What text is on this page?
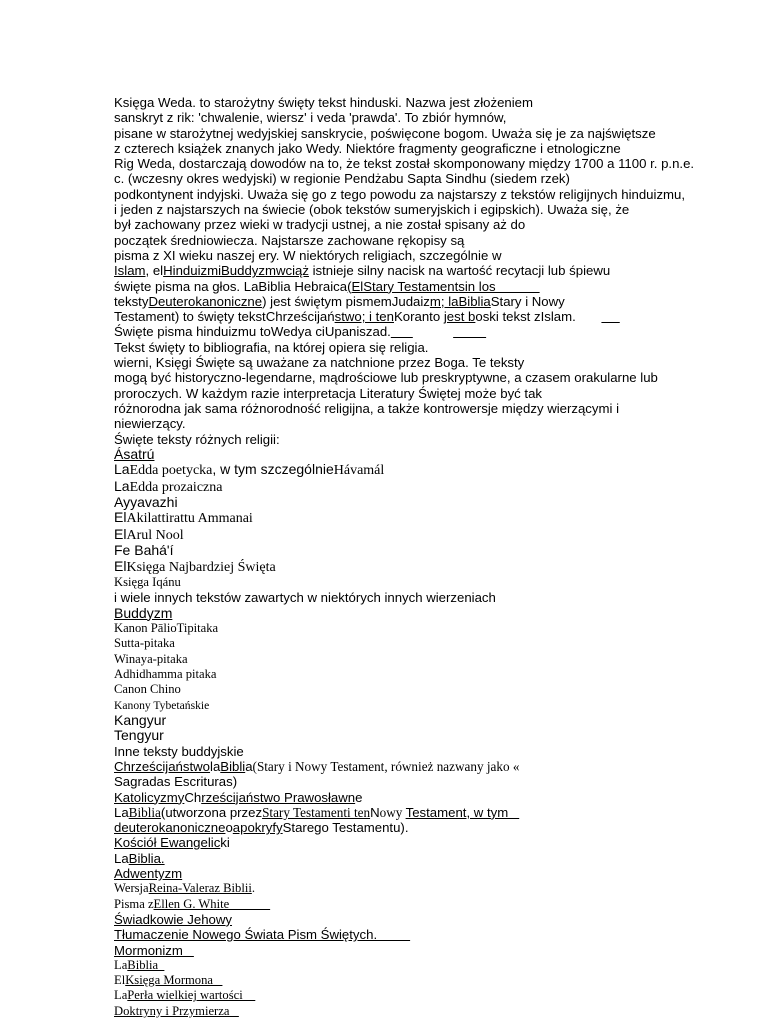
Księga Weda. to starożytny święty tekst hinduski. Nazwa jest złożeniem
sanskryt z rik: 'chwalenie, wiersz' i veda 'prawda'. To zbiór hymnów,
pisane w starożytnej wedyjskiej sanskrycie, poświęcone bogom. Uważa się je za najświętsze
z czterech książek znanych jako Wedy. Niektóre fragmenty geograficzne i etnologiczne
Rig Weda, dostarczają dowodów na to, że tekst został skomponowany między 1700 a 1100 r. p.n.e.
c. (wczesny okres wedyjski) w regionie Pendżabu Sapta Sindhu (siedem rzek)
podkontynent indyjski. Uważa się go z tego powodu za najstarszy z tekstów religijnych hinduizmu,
i jeden z najstarszych na świecie (obok tekstów sumeryjskich i egipskich). Uważa się, że
był zachowany przez wieki w tradycji ustnej, a nie został spisany aż do
początek średniowiecza. Najstarsze zachowane rękopisy są
pisma z XI wieku naszej ery. W niektórych religiach, szczególnie w
Islam, elHinduizmiBuddyzmwciąż istnieje silny nacisk na wartość recytacji lub śpiewu
święte pisma na głos. LaBiblia Hebraica(ElStary Testamentsin los
tekstyDeuterokanoniczne) jest świętym pismemJudaizm; laBibliaStary i Nowy
Testament) to święty tekstChrześcijaństwo; i tenKoranto jest boski tekst zIslam.
Święte pisma hinduizmu toWedya ciUpaniszad.
Tekst święty to bibliografia, na której opiera się religia.
wierni, Księgi Święte są uważane za natchnione przez Boga. Te teksty
mogą być historyczno-legendarne, mądrościowe lub preskryptywne, a czasem orakularne lub
proroczych. W każdym razie interpretacja Literatury Świętej może być tak
różnorodna jak sama różnorodność religijna, a także kontrowersje między wierzącymi i
niewierzący.
Święte teksty różnych religii:
Ásatrú
LaEdda poetycka, w tym szczególnieHávamál
LaEdda prozaiczna
Ayyavazhi
ElAkilattirattu Ammanai
ElArul Nool
Fe Bahá'í
ElKsięga Najbardziej Święta
Księga Iqánu
i wiele innych tekstów zawartych w niektórych innych wierzeniach
Buddyzm
Kanon PālioTipitaka
Sutta-pitaka
Winaya-pitaka
Adhidhamma pitaka
Canon Chino
Kanony Tybetańskie
Kangyur
Tengyur
Inne teksty buddyjskie
ChrześcijaństwolaBiblia(Stary i Nowy Testament, również nazwany jako «
Sagradas Escrituras)
KatolicyzmyChrześcijaństwo Prawosławne
LaBiblia(utworzona przezStary Testamenti tenNowy Testament, w tym
deuterokanoniczneoapokryfyStarego Testamentu).
Kościół Ewangelicki
LaBiblia.
Adwentyzm
WersjaReina-Valeraz Biblii.
Pisma zEllen G. White
Świadkowie Jehowy
Tłumaczenie Nowego Świata Pism Świętych.
Mormonizm
LaBiblia
ElKsięga Mormona
LaPerła wielkiej wartości
Doktryny i Przymierza
